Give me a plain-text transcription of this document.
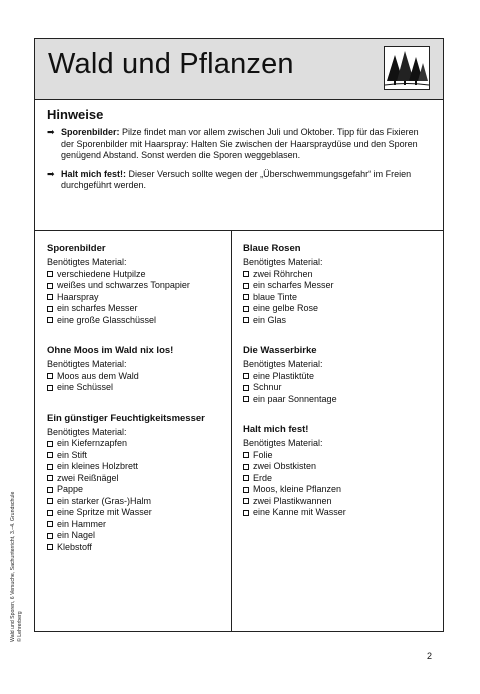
Wald und Pflanzen
Hinweise
➡ Sporenbilder: Pilze findet man vor allem zwischen Juli und Oktober. Tipp für das Fixieren der Sporenbilder mit Haarspray: Halten Sie zwischen der Haarspraydüse und den Sporen genügend Abstand. Sonst werden die Sporen weggeblasen.
➡ Halt mich fest!: Dieser Versuch sollte wegen der „Überschwemmungsgefahr“ im Freien durchgeführt werden.
Sporenbilder
Benötigtes Material:
verschiedene Hutpilze
weißes und schwarzes Tonpapier
Haarspray
ein scharfes Messer
eine große Glasschüssel
Ohne Moos im Wald nix los!
Benötigtes Material:
Moos aus dem Wald
eine Schüssel
Ein günstiger Feuchtigkeitsmesser
Benötigtes Material:
ein Kiefernzapfen
ein Stift
ein kleines Holzbrett
zwei Reißnägel
Pappe
ein starker (Gras-)Halm
eine Spritze mit Wasser
ein Hammer
ein Nagel
Klebstoff
Blaue Rosen
Benötigtes Material:
zwei Röhrchen
ein scharfes Messer
blaue Tinte
eine gelbe Rose
ein Glas
Die Wasserbirke
Benötigtes Material:
eine Plastiktüte
Schnur
ein paar Sonnentage
Halt mich fest!
Benötigtes Material:
Folie
zwei Obstkisten
Erde
Moos, kleine Pflanzen
zwei Plastikwannen
eine Kanne mit Wasser
Wald und Sporen, 6 Versuche, Sachunterricht, 3.–4. Grundschule © Lehrerberg
2
